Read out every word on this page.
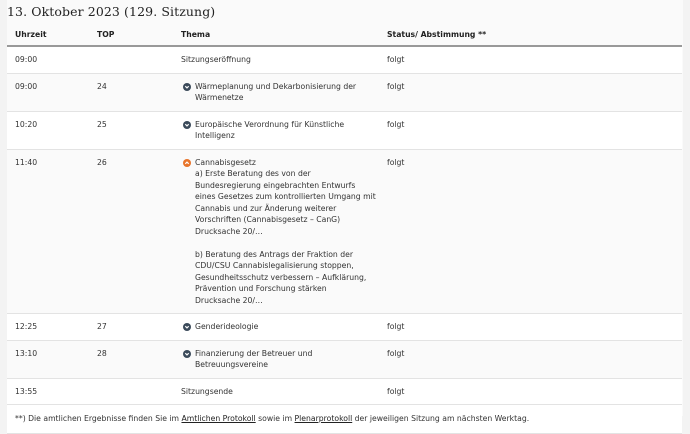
13. Oktober 2023 (129. Sitzung)
Uhrzeit	TOP	Thema	Status/ Abstimmung **
09:00		Sitzungseröffnung	folgt
09:00	24	Wärmeplanung und Dekarbonisierung der Wärmenetze	folgt
10:20	25	Europäische Verordnung für Künstliche Intelligenz	folgt
11:40	26	Cannabisgesetz

a) Erste Beratung des von der Bundesregierung eingebrachten Entwurfs eines Gesetzes zum kontrollierten Umgang mit Cannabis und zur Änderung weiterer Vorschriften (Cannabisgesetz – CanG)

Drucksache 20/…

b) Beratung des Antrags der Fraktion der CDU/CSU Cannabislegalisierung stoppen, Gesundheitsschutz verbessern – Aufklärung, Prävention und Forschung stärken

Drucksache 20/…	folgt
12:25	27	Genderideologie	folgt
13:10	28	Finanzierung der Betreuer und Betreuungsvereine	folgt
13:55		Sitzungsende	folgt
**) Die amtlichen Ergebnisse finden Sie im Amtlichen Protokoll sowie im Plenarprotokoll der jeweiligen Sitzung am nächsten Werktag.			
